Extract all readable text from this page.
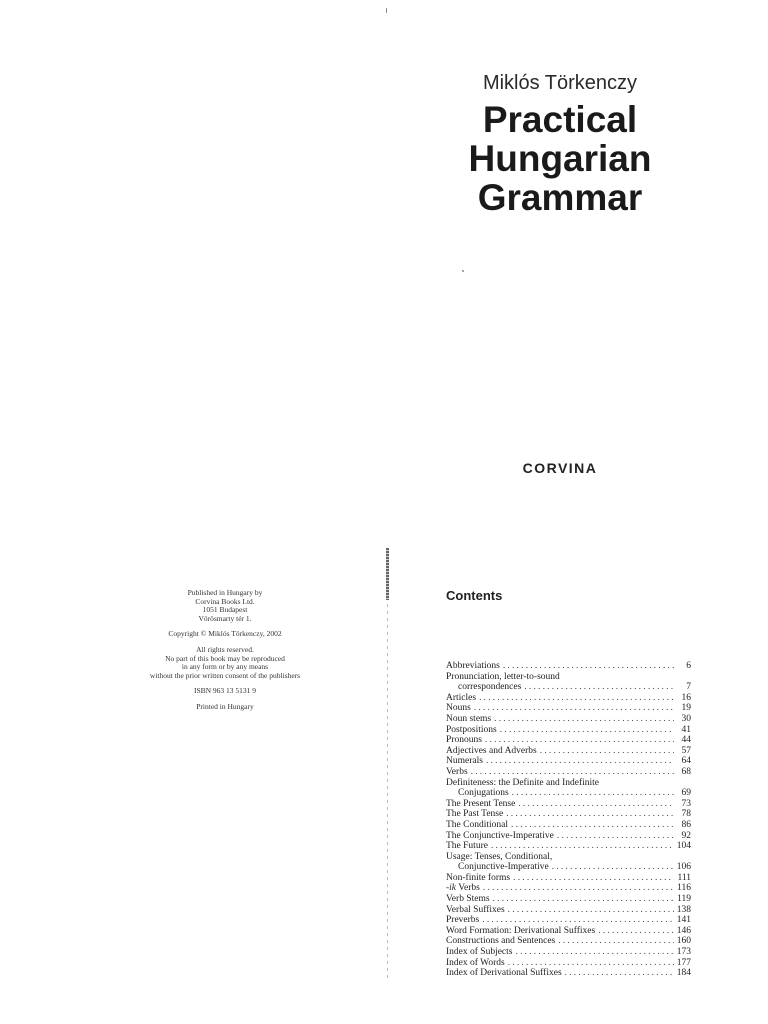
Miklós Törkenczy
Practical
Hungarian
Grammar
CORVINA
Published in Hungary by
Corvina Books Ltd.
1051 Budapest
Vörösmarty tér 1.
Copyright © Miklós Törkenczy, 2002
All rights reserved.
No part of this book may be reproduced
in any form or by any means
without the prior written consent of the publishers
ISBN 963 13 5131 9
Printed in Hungary
Contents
Abbreviations .....	6
Pronunciation, letter-to-sound
correspondences .....	7
Articles .....	16
Nouns .....	19
Noun stems .....	30
Postpositions .....	41
Pronouns .....	44
Adjectives and Adverbs .....	57
Numerals .....	64
Verbs .....	68
Definiteness: the Definite and Indefinite
Conjugations .....	69
The Present Tense .....	73
The Past Tense .....	78
The Conditional .....	86
The Conjunctive-Imperative .....	92
The Future .....	104
Usage: Tenses, Conditional,
Conjunctive-Imperative .....	106
Non-finite forms .....	111
-ik Verbs .....	116
Verb Stems .....	119
Verbal Suffixes .....	138
Preverbs .....	141
Word Formation: Derivational Suffixes .....	146
Constructions and Sentences .....	160
Index of Subjects .....	173
Index of Words .....	177
Index of Derivational Suffixes .....	184
